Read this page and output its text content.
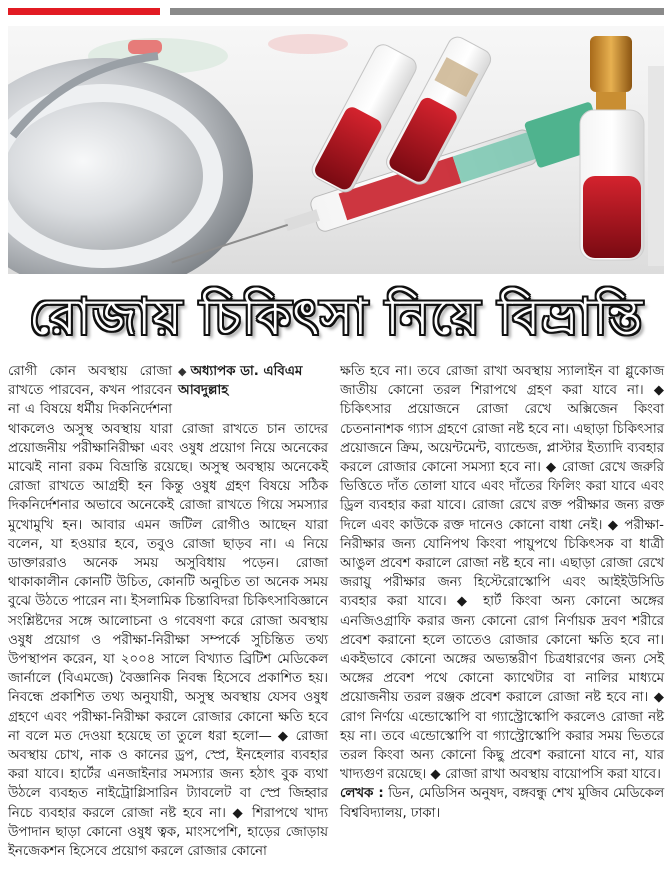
রোজায় চিকিৎসা নিয়ে বিভ্রান্তি
◆ অধ্যাপক ডা. এবিএম আবদুল্লাহ

রোগী কোন অবস্থায় রোজা রাখতে পারবেন, কখন পারবেন না এ বিষয়ে ধর্মীয় দিকনির্দেশনা থাকলেও অসুস্থ অবস্থায় যারা রোজা রাখতে চান তাদের প্রয়োজনীয় পরীক্ষানিরীক্ষা এবং ওষুধ প্রয়োগ নিয়ে অনেকের মাঝেই নানা রকম বিভ্রান্তি রয়েছে। অসুস্থ অবস্থায় অনেকেই রোজা রাখতে আগ্রহী হন কিন্তু ওষুধ গ্রহণ বিষয়ে সঠিক দিকনির্দেশনার অভাবে অনেকেই রোজা রাখতে গিয়ে সমস্যার মুখোমুখি হন। আবার এমন জটিল রোগীও আছেন যারা বলেন, যা হওয়ার হবে, তবুও রোজা ছাড়ব না। এ নিয়ে ডাক্তাররাও অনেক সময় অসুবিধায় পড়েন। রোজা থাকাকালীন কোনটি উচিত, কোনটি অনুচিত তা অনেক সময় বুঝে উঠতে পারেন না। ইসলামিক চিন্তাবিদরা চিকিৎসাবিজ্ঞানে সংশ্লিষ্টদের সঙ্গে আলোচনা ও গবেষণা করে রোজা অবস্থায় ওষুধ প্রয়োগ ও পরীক্ষা-নিরীক্ষা সম্পর্কে সুচিন্তিত তথ্য উপস্থাপন করেন, যা ২০০৪ সালে বিখ্যাত ব্রিটিশ মেডিকেল জার্নালে (বিএমজে) বৈজ্ঞানিক নিবন্ধ হিসেবে প্রকাশিত হয়। নিবন্ধে প্রকাশিত তথ্য অনুযায়ী, অসুস্থ অবস্থায় যেসব ওষুধ গ্রহণে এবং পরীক্ষা-নিরীক্ষা করলে রোজার কোনো ক্ষতি হবে না বলে মত দেওয়া হয়েছে তা তুলে ধরা হলো— ◆ রোজা অবস্থায় চোখ, নাক ও কানের ড্রপ, স্প্রে, ইনহেলার ব্যবহার করা যাবে। হার্টের এনজাইনার সমস্যার জন্য হঠাৎ বুক ব্যথা উঠলে ব্যবহৃত নাইট্রোগ্লিসারিন ট্যাবলেট বা স্প্রে জিহ্বার নিচে ব্যবহার করলে রোজা নষ্ট হবে না। ◆ শিরাপথে খাদ্য উপাদান ছাড়া কোনো ওষুধ ত্বক, মাংসপেশি, হাড়ের জোড়ায় ইনজেকশন হিসেবে প্রয়োগ করলে রোজার কোনো

ক্ষতি হবে না। তবে রোজা রাখা অবস্থায় স্যালাইন বা গ্লুকোজ জাতীয় কোনো তরল শিরাপথে গ্রহণ করা যাবে না। ◆ চিকিৎসার প্রয়োজনে রোজা রেখে অক্সিজেন কিংবা চেতনানাশক গ্যাস গ্রহণে রোজা নষ্ট হবে না। এছাড়া চিকিৎসার প্রয়োজনে ক্রিম, অয়েন্টমেন্ট, ব্যান্ডেজ, প্লাস্টার ইত্যাদি ব্যবহার করলে রোজার কোনো সমস্যা হবে না। ◆ রোজা রেখে জরুরি ভিত্তিতে দাঁত তোলা যাবে এবং দাঁতের ফিলিং করা যাবে এবং ড্রিল ব্যবহার করা যাবে। রোজা রেখে রক্ত পরীক্ষার জন্য রক্ত দিলে এবং কাউকে রক্ত দানেও কোনো বাধা নেই। ◆ পরীক্ষা-নিরীক্ষার জন্য যোনিপথ কিংবা পায়ুপথে চিকিৎসক বা ধাত্রী আঙুল প্রবেশ করালে রোজা নষ্ট হবে না। এছাড়া রোজা রেখে জরায়ু পরীক্ষার জন্য হিস্টেরোস্কোপি এবং আইইউসিডি ব্যবহার করা যাবে। ◆ হার্ট কিংবা অন্য কোনো অঙ্গের এনজিওগ্রাফি করার জন্য কোনো রোগ নির্ণায়ক দ্রবণ শরীরে প্রবেশ করানো হলে তাতেও রোজার কোনো ক্ষতি হবে না। একইভাবে কোনো অঙ্গের অভ্যন্তরীণ চিত্রধারণের জন্য সেই অঙ্গের প্রবেশ পথে কোনো ক্যাথেটার বা নালির মাধ্যমে প্রয়োজনীয় তরল রঞ্জক প্রবেশ করালে রোজা নষ্ট হবে না। ◆ রোগ নির্ণয়ে এন্ডোস্কোপি বা গ্যাস্ট্রোস্কোপি করলেও রোজা নষ্ট হয় না। তবে এন্ডোস্কোপি বা গ্যাস্ট্রোস্কোপি করার সময় ভিতরে তরল কিংবা অন্য কোনো কিছু প্রবেশ করানো যাবে না, যার খাদ্যগুণ রয়েছে। ◆ রোজা রাখা অবস্থায় বায়োপসি করা যাবে।

লেখক : ডিন, মেডিসিন অনুষদ, বঙ্গবন্ধু শেখ মুজিব মেডিকেল বিশ্ববিদ্যালয়, ঢাকা।
